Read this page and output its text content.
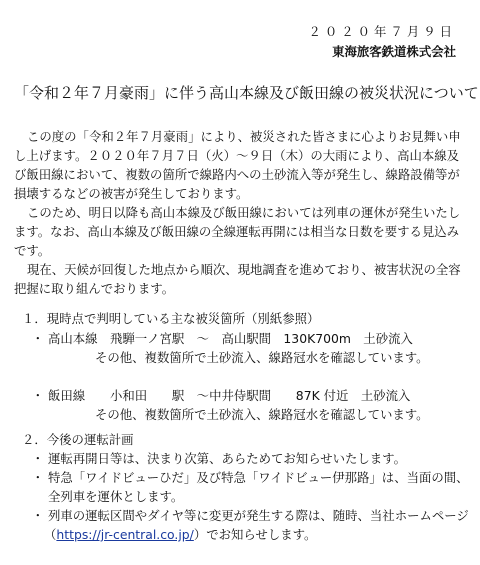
２０２０年７月９日
東海旅客鉄道株式会社
「令和２年７月豪雨」に伴う高山本線及び飯田線の被災状況について

この度の「令和２年７月豪雨」により、被災された皆さまに心よりお見舞い申し上げます。２０２０年７月７日（火）～９日（木）の大雨により、高山本線及び飯田線において、複数の箇所で線路内への土砂流入等が発生し、線路設備等が損壊するなどの被害が発生しております。

このため、明日以降も高山本線及び飯田線においては列車の運休が発生いたします。なお、高山本線及び飯田線の全線運転再開には相当な日数を要する見込みです。

現在、天候が回復した地点から順次、現地調査を進めており、被害状況の全容把握に取り組んでおります。

１．現時点で判明している主な被災箇所（別紙参照）
・ 高山本線　飛騨一ノ宮駅　～　高山駅間　130K700m　土砂流入
その他、複数箇所で土砂流入、線路冠水を確認しています。
・ 飯田線　　小和田　　駅　～中井侍駅間　　87K 付近　土砂流入
その他、複数箇所で土砂流入、線路冠水を確認しています。
２．今後の運転計画
・ 運転再開日等は、決まり次第、あらためてお知らせいたします。
・ 特急「ワイドビューひだ」及び特急「ワイドビュー伊那路」は、当面の間、全列車を運休とします。
・ 列車の運転区間やダイヤ等に変更が発生する際は、随時、当社ホームページ
（https://jr-central.co.jp/）でお知らせします。
